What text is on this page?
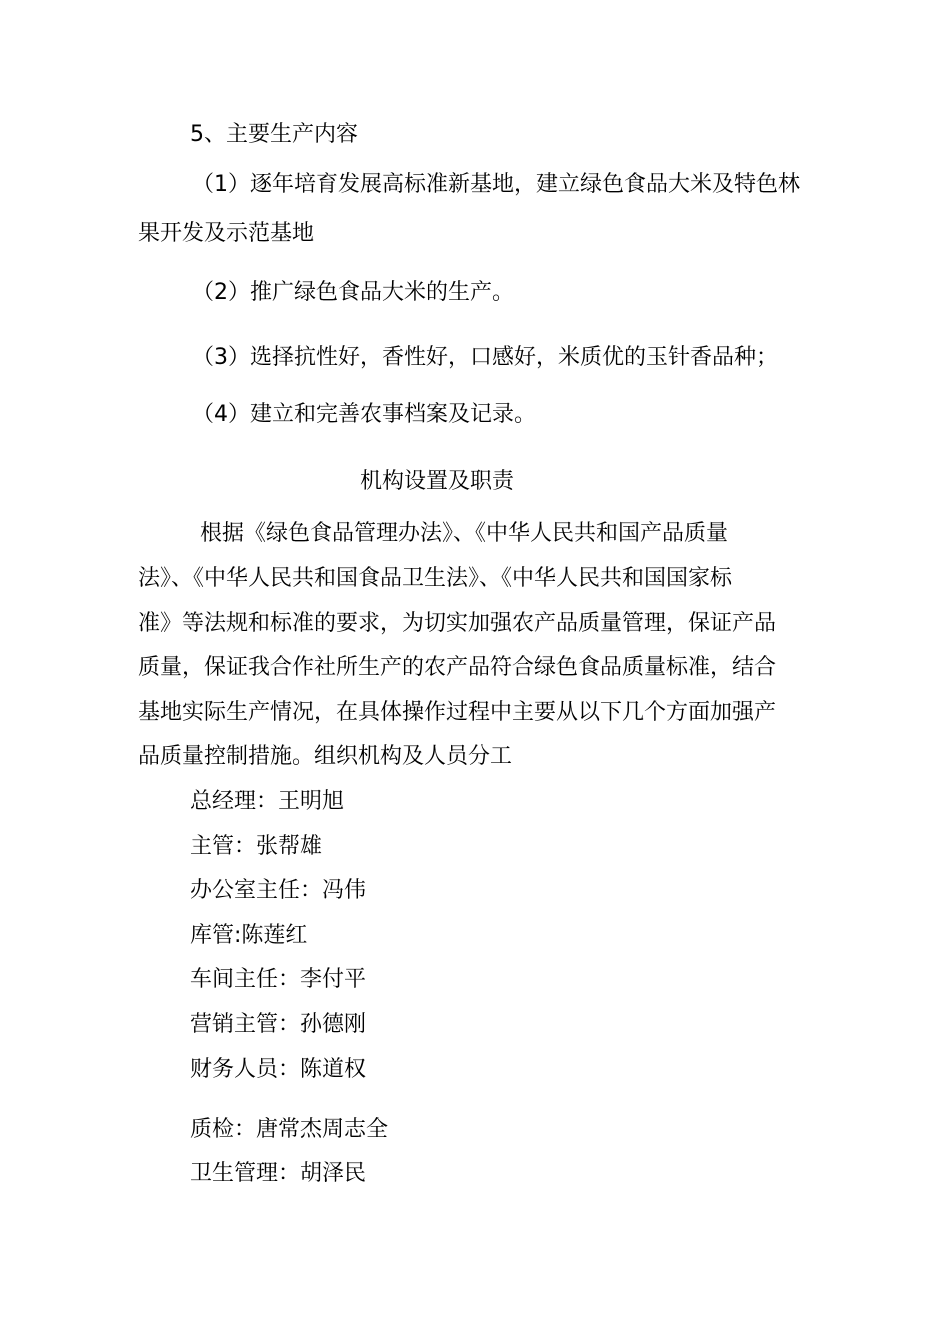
5、主要生产内容
（1）逐年培育发展高标准新基地，建立绿色食品大米及特色林
果开发及示范基地
（2）推广绿色食品大米的生产。
（3）选择抗性好，香性好，口感好，米质优的玉针香品种；
（4）建立和完善农事档案及记录。
机构设置及职责
根据《绿色食品管理办法》、《中华人民共和国产品质量
法》、《中华人民共和国食品卫生法》、《中华人民共和国国家标
准》等法规和标准的要求，为切实加强农产品质量管理，保证产品
质量，保证我合作社所生产的农产品符合绿色食品质量标准，结合
基地实际生产情况，在具体操作过程中主要从以下几个方面加强产
品质量控制措施。组织机构及人员分工
总经理：王明旭
主管：张帮雄
办公室主任：冯伟
库管:陈莲红
车间主任：李付平
营销主管：孙德刚
财务人员：陈道权
质检：唐常杰周志全
卫生管理：胡泽民
